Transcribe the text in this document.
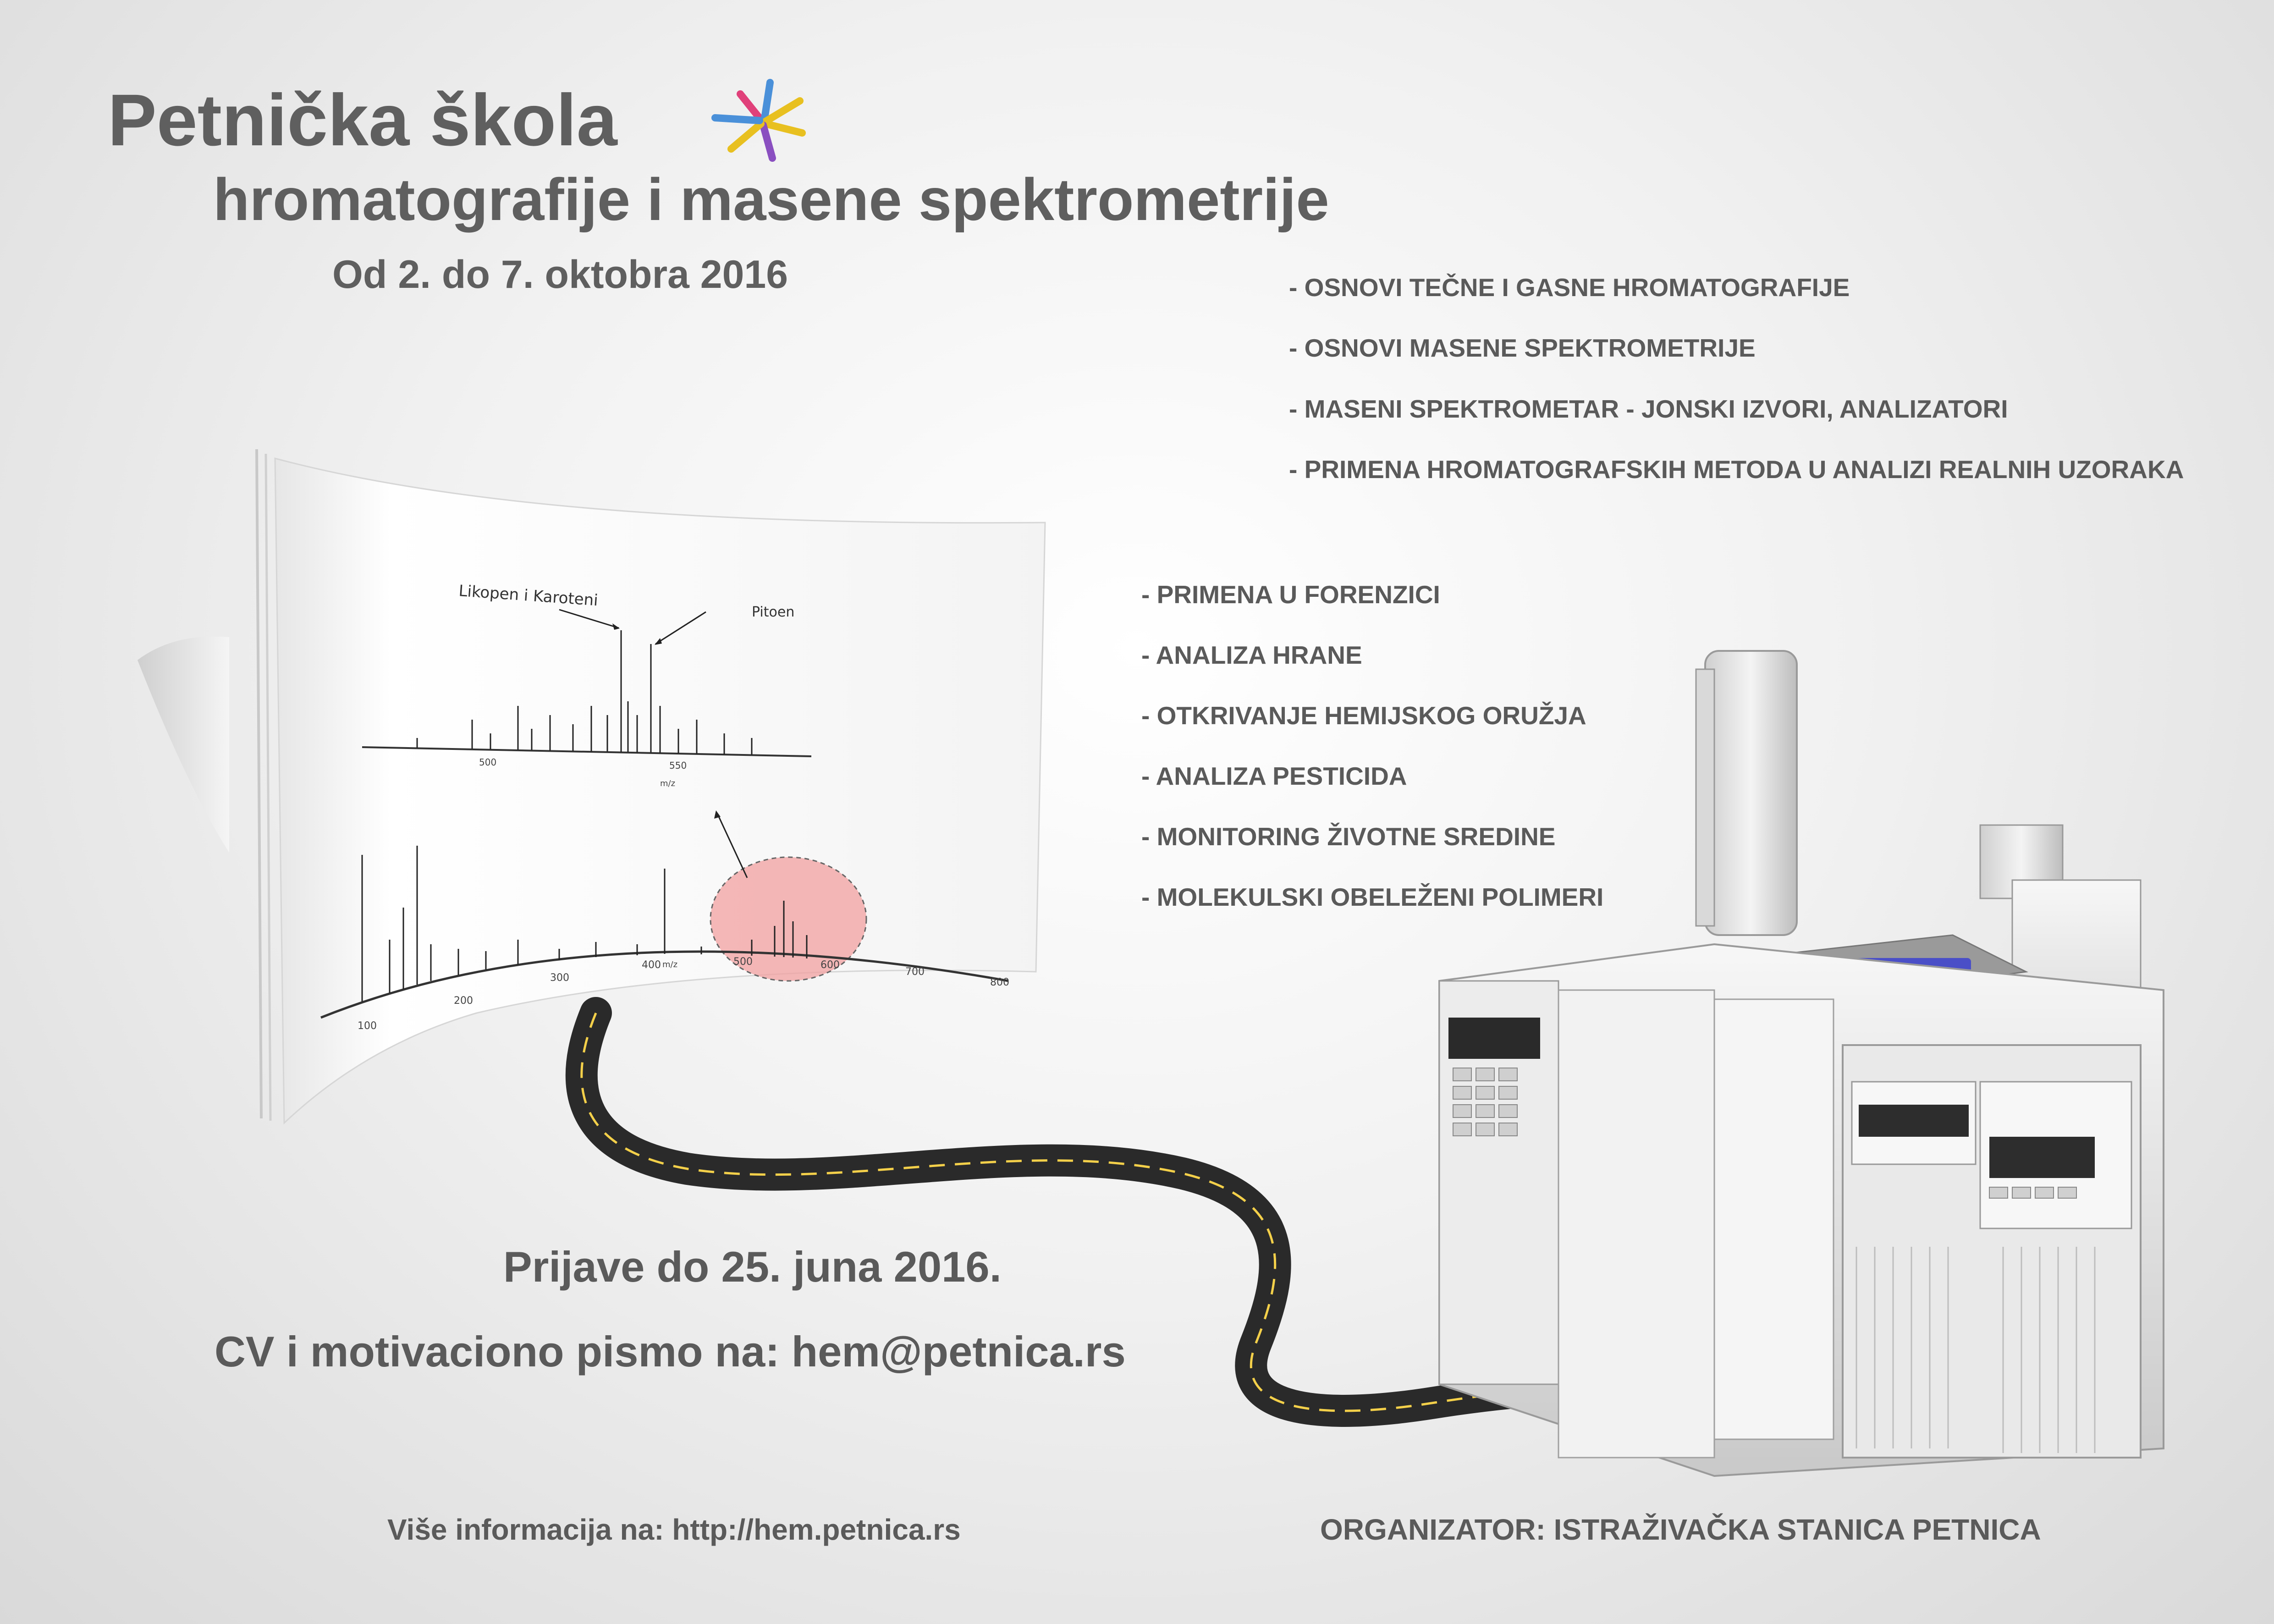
Petnička škola
hromatografije i masene spektrometrije
Od 2. do 7. oktobra 2016	- OSNOVI TEČNE I GASNE HROMATOGRAFIJE
- OSNOVI MASENE SPEKTROMETRIJE
- MASENI SPEKTROMETAR - JONSKI IZVORI, ANALIZATORI
- PRIMENA HROMATOGRAFSKIH METODA U ANALIZI REALNIH UZORAKA
- PRIMENA U FORENZICI
- ANALIZA HRANE
- OTKRIVANJE HEMIJSKOG ORUŽJA
- ANALIZA PESTICIDA
- MONITORING ŽIVOTNE SREDINE
- MOLEKULSKI OBELEŽENI POLIMERI
Likopen i Karoteni
Pitoen
500	550
m/z
100
200
300
400	500	600
700
800
m/z
Prijave do 25. juna 2016.
CV i motivaciono pismo na: hem@petnica.rs
Više informacija na: http://hem.petnica.rs	ORGANIZATOR: ISTRAŽIVAČKA STANICA PETNICA
